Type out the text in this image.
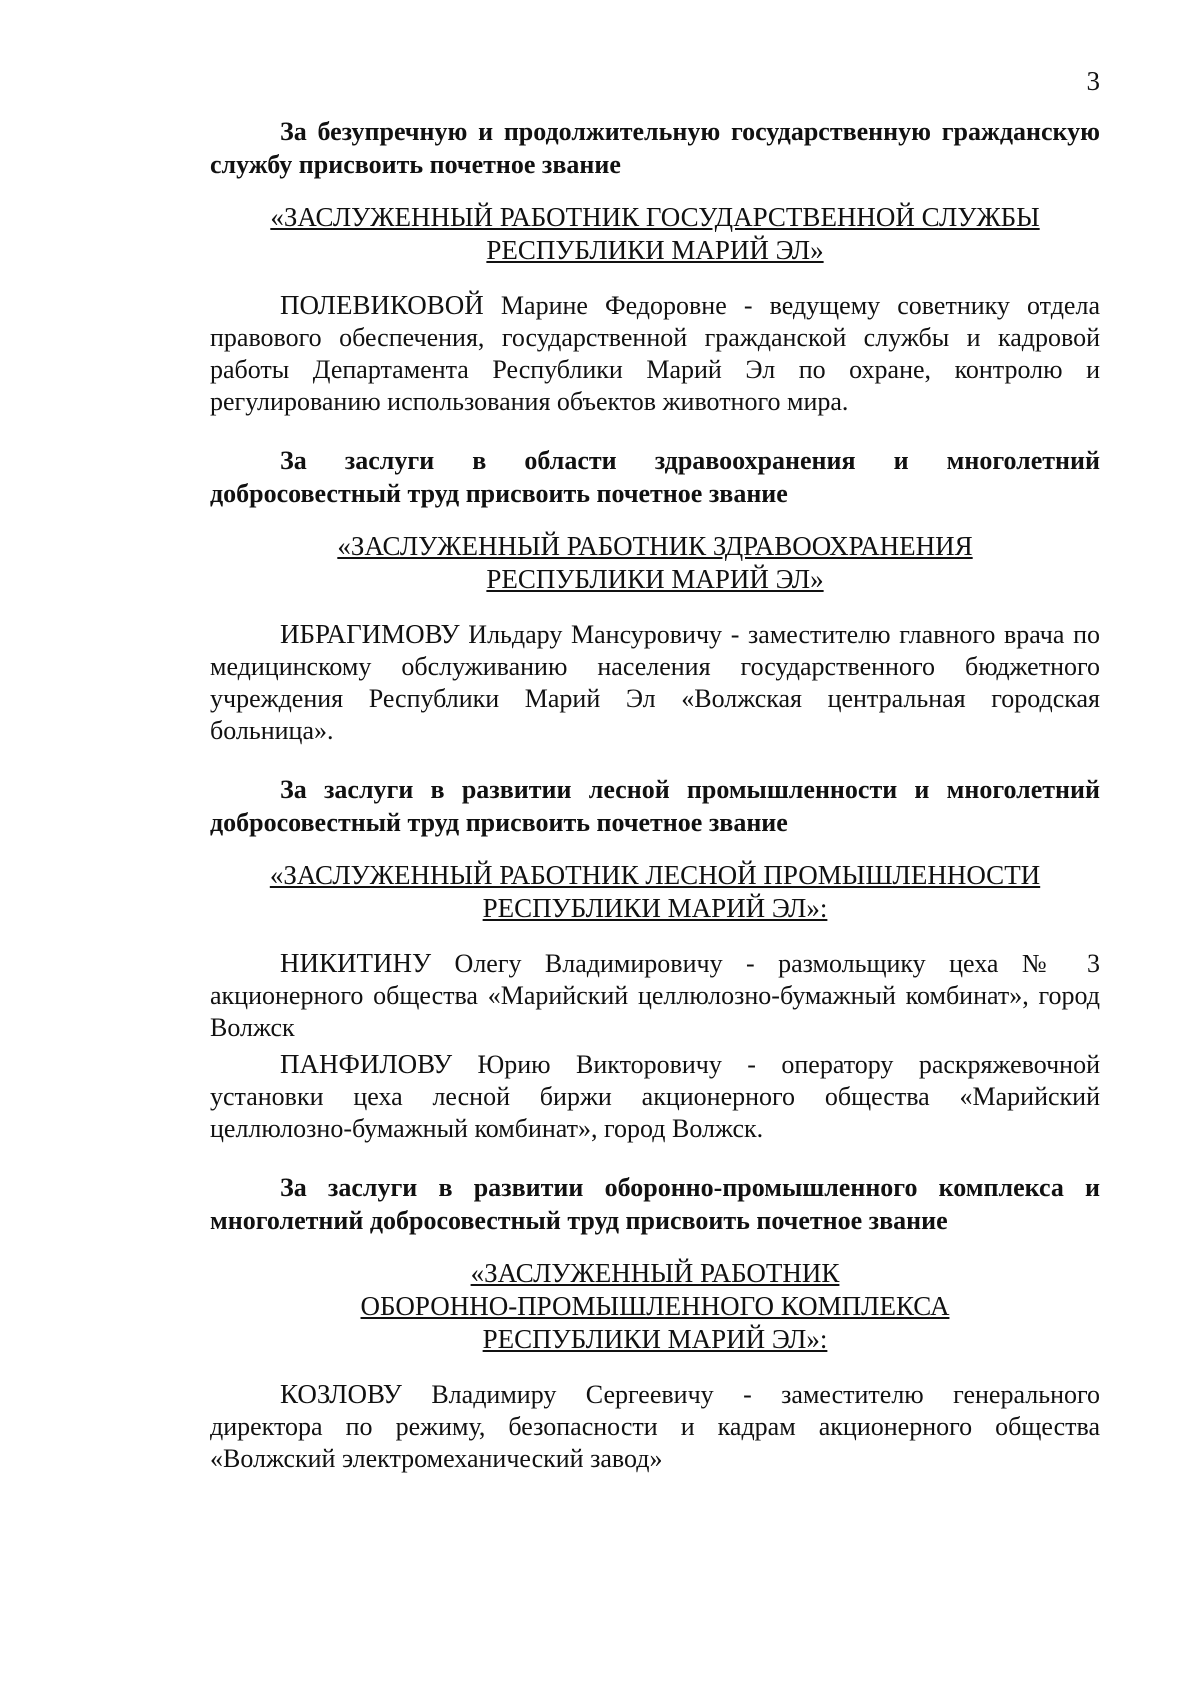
3

За безупречную и продолжительную государственную гражданскую службу присвоить почетное звание

«ЗАСЛУЖЕННЫЙ РАБОТНИК ГОСУДАРСТВЕННОЙ СЛУЖБЫ
РЕСПУБЛИКИ МАРИЙ ЭЛ»

ПОЛЕВИКОВОЙ Марине Федоровне - ведущему советнику отдела правового обеспечения, государственной гражданской службы и кадровой работы Департамента Республики Марий Эл по охране, контролю и регулированию использования объектов животного мира.

За заслуги в области здравоохранения и многолетний добросовестный труд присвоить почетное звание

«ЗАСЛУЖЕННЫЙ РАБОТНИК ЗДРАВООХРАНЕНИЯ
РЕСПУБЛИКИ МАРИЙ ЭЛ»

ИБРАГИМОВУ Ильдару Мансуровичу - заместителю главного врача по медицинскому обслуживанию населения государственного бюджетного учреждения Республики Марий Эл «Волжская центральная городская больница».

За заслуги в развитии лесной промышленности и многолетний добросовестный труд присвоить почетное звание

«ЗАСЛУЖЕННЫЙ РАБОТНИК ЛЕСНОЙ ПРОМЫШЛЕННОСТИ
РЕСПУБЛИКИ МАРИЙ ЭЛ»:

НИКИТИНУ Олегу Владимировичу - размольщику цеха № 3 акционерного общества «Марийский целлюлозно-бумажный комбинат», город Волжск

ПАНФИЛОВУ Юрию Викторовичу - оператору раскряжевочной установки цеха лесной биржи акционерного общества «Марийский целлюлозно-бумажный комбинат», город Волжск.

За заслуги в развитии оборонно-промышленного комплекса и многолетний добросовестный труд присвоить почетное звание

«ЗАСЛУЖЕННЫЙ РАБОТНИК
ОБОРОННО-ПРОМЫШЛЕННОГО КОМПЛЕКСА
РЕСПУБЛИКИ МАРИЙ ЭЛ»:

КОЗЛОВУ Владимиру Сергеевичу - заместителю генерального директора по режиму, безопасности и кадрам акционерного общества «Волжский электромеханический завод»
